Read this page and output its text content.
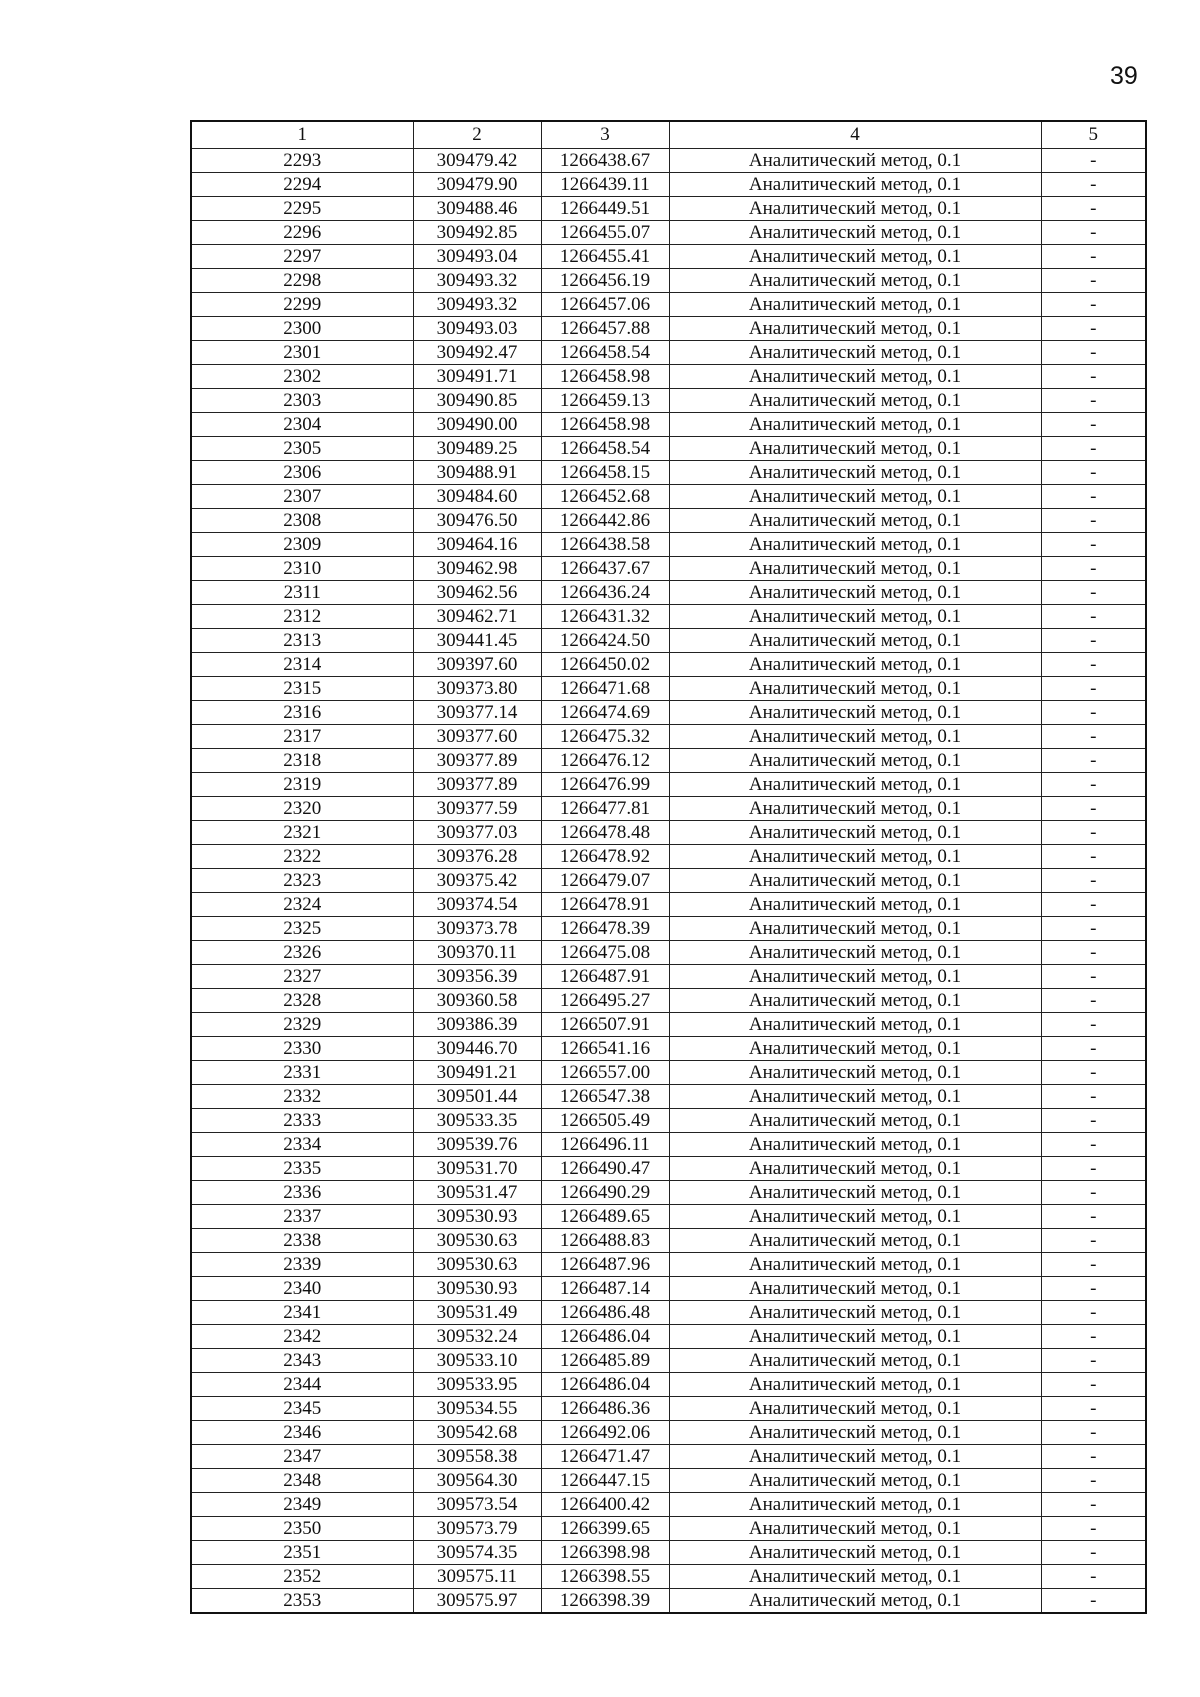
39
1	2	3	4	5
2293	309479.42	1266438.67	Аналитический метод, 0.1	-
2294	309479.90	1266439.11	Аналитический метод, 0.1	-
2295	309488.46	1266449.51	Аналитический метод, 0.1	-
2296	309492.85	1266455.07	Аналитический метод, 0.1	-
2297	309493.04	1266455.41	Аналитический метод, 0.1	-
2298	309493.32	1266456.19	Аналитический метод, 0.1	-
2299	309493.32	1266457.06	Аналитический метод, 0.1	-
2300	309493.03	1266457.88	Аналитический метод, 0.1	-
2301	309492.47	1266458.54	Аналитический метод, 0.1	-
2302	309491.71	1266458.98	Аналитический метод, 0.1	-
2303	309490.85	1266459.13	Аналитический метод, 0.1	-
2304	309490.00	1266458.98	Аналитический метод, 0.1	-
2305	309489.25	1266458.54	Аналитический метод, 0.1	-
2306	309488.91	1266458.15	Аналитический метод, 0.1	-
2307	309484.60	1266452.68	Аналитический метод, 0.1	-
2308	309476.50	1266442.86	Аналитический метод, 0.1	-
2309	309464.16	1266438.58	Аналитический метод, 0.1	-
2310	309462.98	1266437.67	Аналитический метод, 0.1	-
2311	309462.56	1266436.24	Аналитический метод, 0.1	-
2312	309462.71	1266431.32	Аналитический метод, 0.1	-
2313	309441.45	1266424.50	Аналитический метод, 0.1	-
2314	309397.60	1266450.02	Аналитический метод, 0.1	-
2315	309373.80	1266471.68	Аналитический метод, 0.1	-
2316	309377.14	1266474.69	Аналитический метод, 0.1	-
2317	309377.60	1266475.32	Аналитический метод, 0.1	-
2318	309377.89	1266476.12	Аналитический метод, 0.1	-
2319	309377.89	1266476.99	Аналитический метод, 0.1	-
2320	309377.59	1266477.81	Аналитический метод, 0.1	-
2321	309377.03	1266478.48	Аналитический метод, 0.1	-
2322	309376.28	1266478.92	Аналитический метод, 0.1	-
2323	309375.42	1266479.07	Аналитический метод, 0.1	-
2324	309374.54	1266478.91	Аналитический метод, 0.1	-
2325	309373.78	1266478.39	Аналитический метод, 0.1	-
2326	309370.11	1266475.08	Аналитический метод, 0.1	-
2327	309356.39	1266487.91	Аналитический метод, 0.1	-
2328	309360.58	1266495.27	Аналитический метод, 0.1	-
2329	309386.39	1266507.91	Аналитический метод, 0.1	-
2330	309446.70	1266541.16	Аналитический метод, 0.1	-
2331	309491.21	1266557.00	Аналитический метод, 0.1	-
2332	309501.44	1266547.38	Аналитический метод, 0.1	-
2333	309533.35	1266505.49	Аналитический метод, 0.1	-
2334	309539.76	1266496.11	Аналитический метод, 0.1	-
2335	309531.70	1266490.47	Аналитический метод, 0.1	-
2336	309531.47	1266490.29	Аналитический метод, 0.1	-
2337	309530.93	1266489.65	Аналитический метод, 0.1	-
2338	309530.63	1266488.83	Аналитический метод, 0.1	-
2339	309530.63	1266487.96	Аналитический метод, 0.1	-
2340	309530.93	1266487.14	Аналитический метод, 0.1	-
2341	309531.49	1266486.48	Аналитический метод, 0.1	-
2342	309532.24	1266486.04	Аналитический метод, 0.1	-
2343	309533.10	1266485.89	Аналитический метод, 0.1	-
2344	309533.95	1266486.04	Аналитический метод, 0.1	-
2345	309534.55	1266486.36	Аналитический метод, 0.1	-
2346	309542.68	1266492.06	Аналитический метод, 0.1	-
2347	309558.38	1266471.47	Аналитический метод, 0.1	-
2348	309564.30	1266447.15	Аналитический метод, 0.1	-
2349	309573.54	1266400.42	Аналитический метод, 0.1	-
2350	309573.79	1266399.65	Аналитический метод, 0.1	-
2351	309574.35	1266398.98	Аналитический метод, 0.1	-
2352	309575.11	1266398.55	Аналитический метод, 0.1	-
2353	309575.97	1266398.39	Аналитический метод, 0.1	-
